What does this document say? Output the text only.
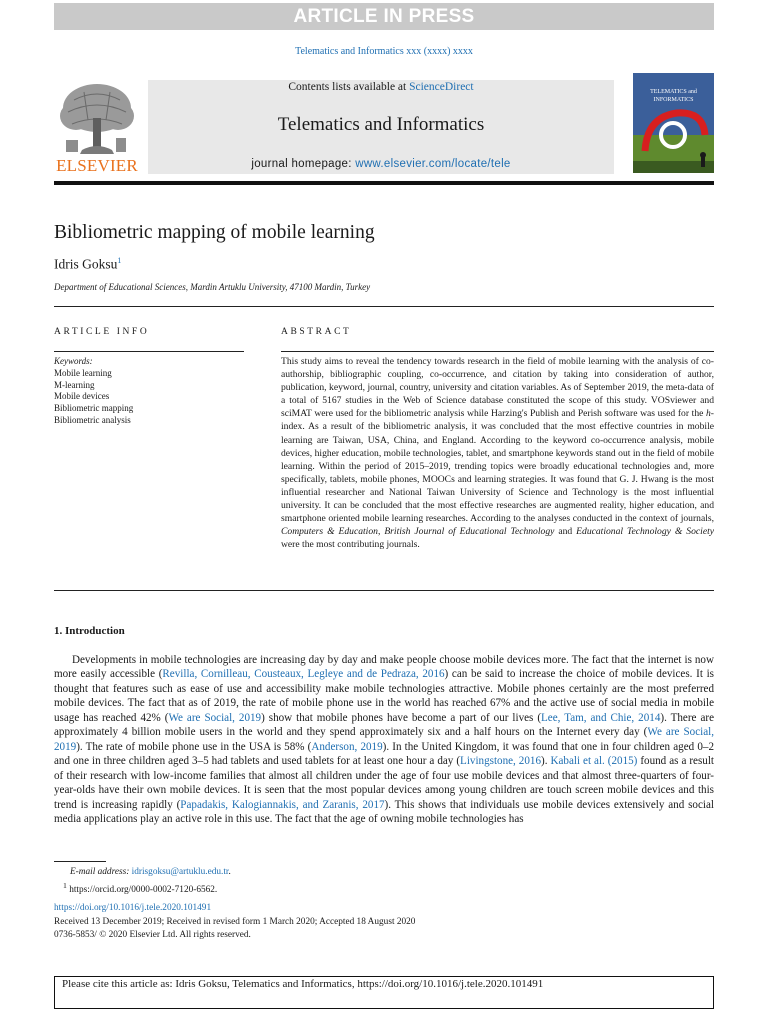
ARTICLE IN PRESS
Telematics and Informatics xxx (xxxx) xxxx
ELSEVIER
Contents lists available at ScienceDirect
Telematics and Informatics
journal homepage: www.elsevier.com/locate/tele
TELEMATICS and
INFORMATICS
Bibliometric mapping of mobile learning
Idris Goksu$^1$
Department of Educational Sciences, Mardin Artuklu University, 47100 Mardin, Turkey
ARTICLE INFO	ABSTRACT
Keywords:
Mobile learning
M-learning
Mobile devices
Bibliometric mapping
Bibliometric analysis
This study aims to reveal the tendency towards research in the field of mobile learning with the analysis of co-authorship, bibliographic coupling, co-occurrence, and citation by taking into consideration of author, publication, keyword, journal, country, university and citation variables. As of September 2019, the meta-data of a total of 5167 studies in the Web of Science database constituted the scope of this study. VOSviewer and sciMAT were used for the bibliometric analysis while Harzing's Publish and Perish software was used for the h-index. As a result of the bibliometric analysis, it was concluded that the most effective countries in mobile learning are Taiwan, USA, China, and England. According to the keyword co-occurrence analysis, mobile devices, higher education, mobile technologies, tablet, and smartphone keywords stand out in the field of mobile learning. Within the period of 2015–2019, trending topics were broadly educational technologies and, more specifically, tablets, mobile phones, MOOCs and learning strategies. It was found that G. J. Hwang is the most influential researcher and National Taiwan University of Science and Technology is the most influential university. It can be concluded that the most effective researches are augmented reality, higher education, and smartphone oriented mobile learning researches. According to the analyses conducted in the context of journals, Computers & Education, British Journal of Educational Technology and Educational Technology & Society were the most contributing journals.
1. Introduction
Developments in mobile technologies are increasing day by day and make people choose mobile devices more. The fact that the internet is now more easily accessible (Revilla, Cornilleau, Cousteaux, Legleye and de Pedraza, 2016) can be said to increase the choice of mobile devices. It is thought that features such as ease of use and accessibility make mobile technologies attractive. Mobile phones certainly are the most preferred mobile devices. The fact that as of 2019, the rate of mobile phone use in the world has reached 67% and the active use of social media in mobile usage has reached 42% (We are Social, 2019) show that mobile phones have become a part of our lives (Lee, Tam, and Chie, 2014). There are approximately 4 billion mobile users in the world and they spend approximately six and a half hours on the Internet every day (We are Social, 2019). The rate of mobile phone use in the USA is 58% (Anderson, 2019). In the United Kingdom, it was found that one in four children aged 0–2 and one in three children aged 3–5 had tablets and used tablets for at least one hour a day (Livingstone, 2016). Kabali et al. (2015) found as a result of their research with low-income families that almost all children under the age of four use mobile devices and that almost three-quarters of four-year-olds have their own mobile devices. It is seen that the most popular devices among young children are touch screen mobile devices and this trend is increasing rapidly (Papadakis, Kalogiannakis, and Zaranis, 2017). This shows that individuals use mobile devices extensively and social media applications play an active role in this use. The fact that the age of owning mobile technologies has
E-mail address: idrisgoksu@artuklu.edu.tr.
$^1$ https://orcid.org/0000-0002-7120-6562.
https://doi.org/10.1016/j.tele.2020.101491
Received 13 December 2019; Received in revised form 1 March 2020; Accepted 18 August 2020
0736-5853/ © 2020 Elsevier Ltd. All rights reserved.
Please cite this article as: Idris Goksu, Telematics and Informatics, https://doi.org/10.1016/j.tele.2020.101491
